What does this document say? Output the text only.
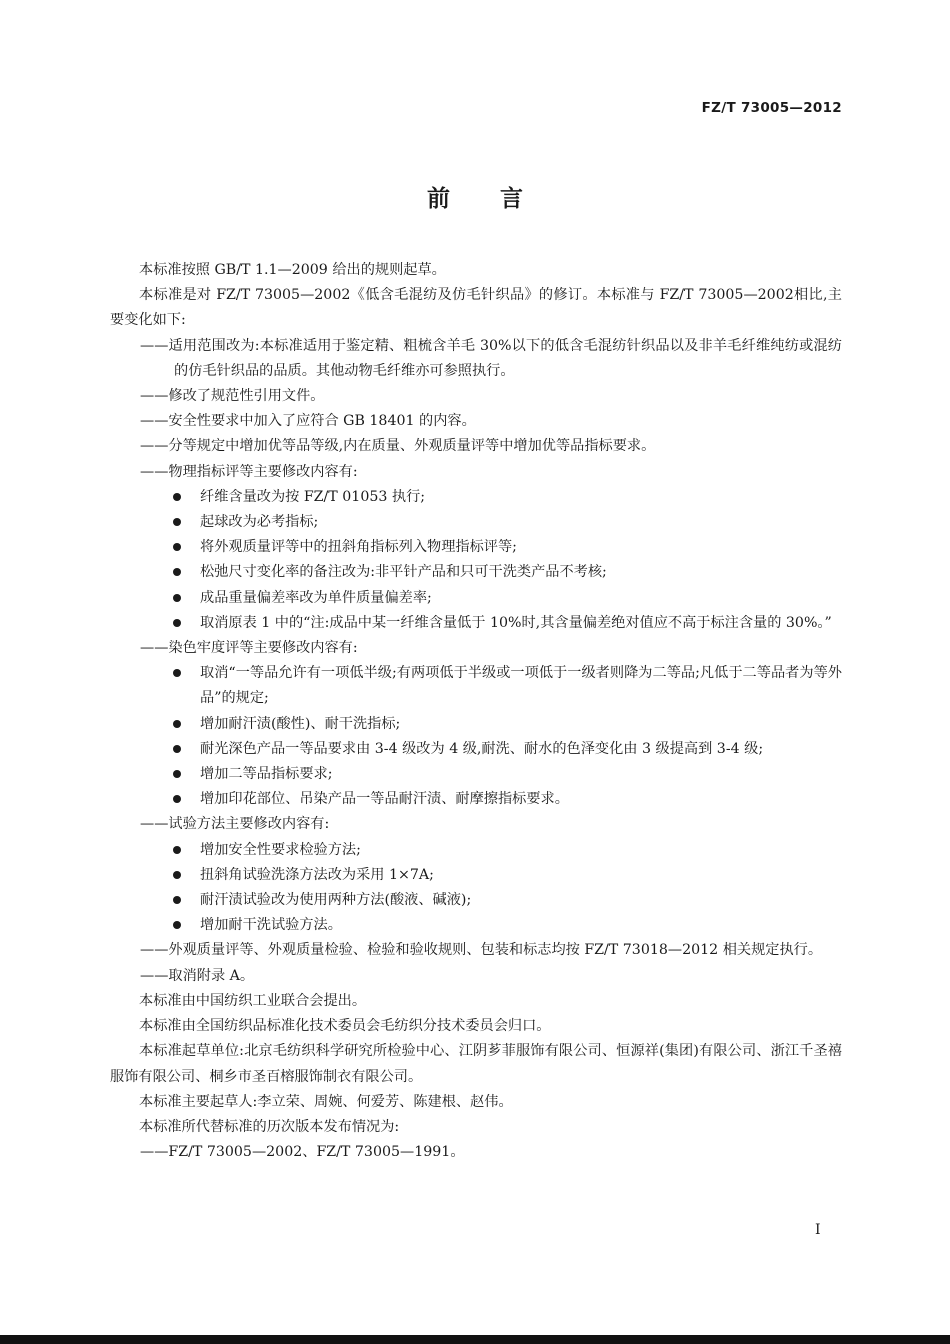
FZ/T 73005—2012
前言

本标准按照 GB/T 1.1—2009 给出的规则起草。

本标准是对 FZ/T 73005—2002《低含毛混纺及仿毛针织品》的修订。本标准与 FZ/T 73005—2002相比,主要变化如下:

——适用范围改为:本标准适用于鉴定精、粗梳含羊毛 30%以下的低含毛混纺针织品以及非羊毛纤维纯纺或混纺的仿毛针织品的品质。其他动物毛纤维亦可参照执行。

——修改了规范性引用文件。

——安全性要求中加入了应符合 GB 18401 的内容。

——分等规定中增加优等品等级,内在质量、外观质量评等中增加优等品指标要求。

——物理指标评等主要修改内容有:

纤维含量改为按 FZ/T 01053 执行;
起球改为必考指标;
将外观质量评等中的扭斜角指标列入物理指标评等;
松弛尺寸变化率的备注改为:非平针产品和只可干洗类产品不考核;
成品重量偏差率改为单件质量偏差率;
取消原表 1 中的“注:成品中某一纤维含量低于 10%时,其含量偏差绝对值应不高于标注含量的 30%。”

——染色牢度评等主要修改内容有:

取消“一等品允许有一项低半级;有两项低于半级或一项低于一级者则降为二等品;凡低于二等品者为等外品”的规定;
增加耐汗渍(酸性)、耐干洗指标;
耐光深色产品一等品要求由 3-4 级改为 4 级,耐洗、耐水的色泽变化由 3 级提高到 3-4 级;
增加二等品指标要求;
增加印花部位、吊染产品一等品耐汗渍、耐摩擦指标要求。

——试验方法主要修改内容有:

增加安全性要求检验方法;
扭斜角试验洗涤方法改为采用 1×7A;
耐汗渍试验改为使用两种方法(酸液、碱液);
增加耐干洗试验方法。

——外观质量评等、外观质量检验、检验和验收规则、包装和标志均按 FZ/T 73018—2012 相关规定执行。

——取消附录 A。

本标准由中国纺织工业联合会提出。

本标准由全国纺织品标准化技术委员会毛纺织分技术委员会归口。

本标准起草单位:北京毛纺织科学研究所检验中心、江阴芗菲服饰有限公司、恒源祥(集团)有限公司、浙江千圣禧服饰有限公司、桐乡市圣百榕服饰制衣有限公司。

本标准主要起草人:李立荣、周婉、何爱芳、陈建根、赵伟。

本标准所代替标准的历次版本发布情况为:

——FZ/T 73005—2002、FZ/T 73005—1991。

I
